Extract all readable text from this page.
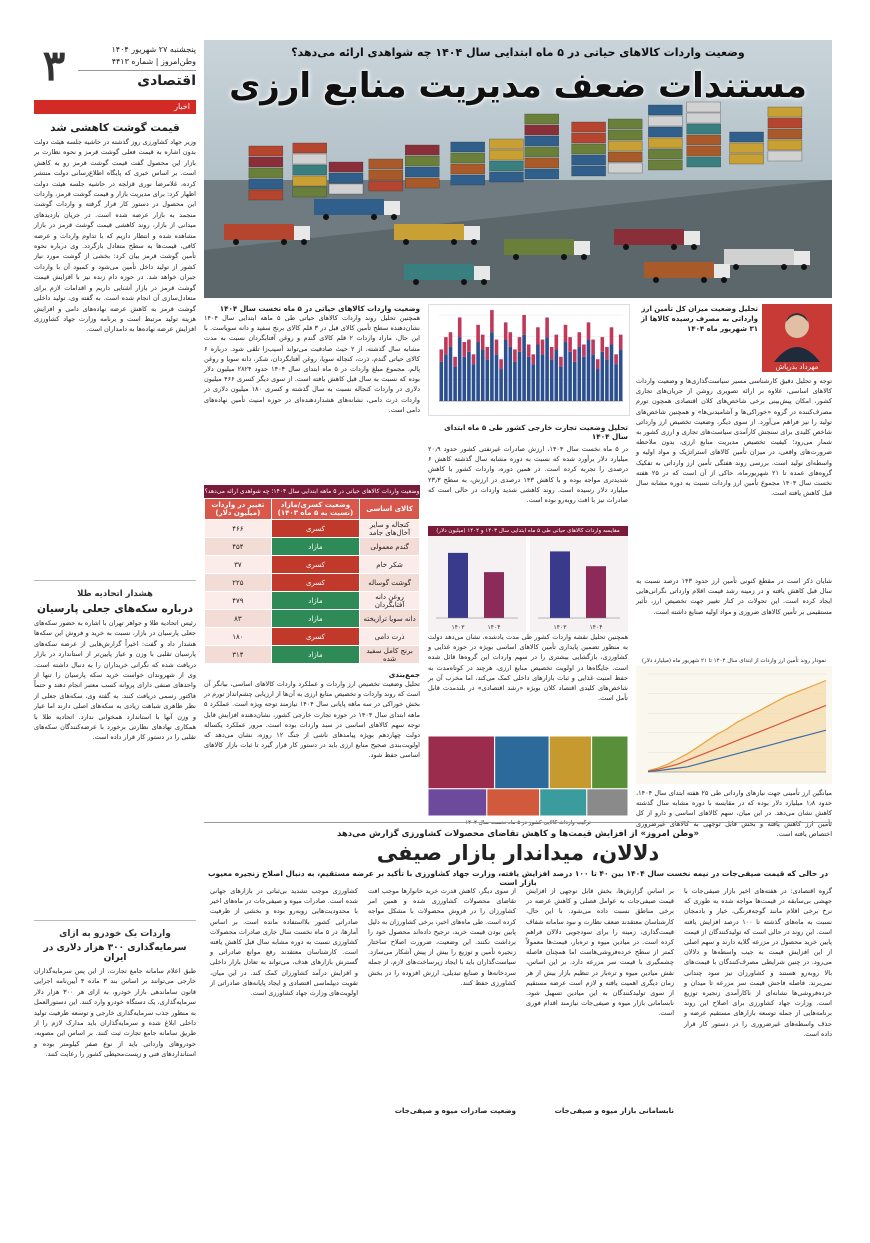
۳	پنجشنبه ۲۷ شهریور ۱۴۰۴
وطن‌امروز | شماره ۴۴۱۳
اقتصادی
اخبار
قیمت گوشت کاهشی شد

وزیر جهاد کشاورزی روز گذشته در حاشیه جلسه هیئت دولت بدون اشاره به قیمت فعلی گوشت قرمز و نحوه نظارت بر بازار این محصول گفت قیمت گوشت قرمز رو به کاهش است. بر اساس خبری که پایگاه اطلاع‌رسانی دولت منتشر کرده، غلامرضا نوری قزلجه در حاشیه جلسه هیئت دولت اظهار کرد: برای مدیریت بازار و قیمت گوشت قرمز، واردات این محصول در دستور کار قرار گرفته و واردات گوشت منجمد به بازار عرضه شده است. در جریان بازدیدهای میدانی از بازار، روند کاهشی قیمت گوشت قرمز در بازار مشاهده شده و انتظار داریم که با تداوم واردات و عرضه کافی، قیمت‌ها به سطح متعادل بازگردد. وی درباره نحوه تأمین گوشت قرمز بیان کرد: بخشی از گوشت مورد نیاز کشور از تولید داخل تأمین می‌شود و کمبود آن با واردات جبران خواهد شد. در حوزه دام زنده نیز با افزایش قیمت گوشت قرمز در بازار آشنایی داریم و اقدامات لازم برای متعادل‌سازی آن انجام شده است. به گفته وی، تولید داخلی گوشت قرمز به کاهش عرضه نهاده‌های دامی و افزایش هزینه تولید مرتبط است و برنامه وزارت جهاد کشاورزی افزایش عرضه نهاده‌ها به دامداران است.

هشدار اتحادیه طلا
درباره سکه‌های جعلی پارسیان

رئیس اتحادیه طلا و جواهر تهران با اشاره به حضور سکه‌های جعلی پارسیان در بازار، نسبت به خرید و فروش این سکه‌ها هشدار داد و گفت: اخیراً گزارش‌هایی از عرضه سکه‌های پارسیان تقلبی با وزن و عیار پایین‌تر از استاندارد در بازار دریافت شده که نگرانی خریداران را به دنبال داشته است. وی از شهروندان خواست خرید سکه پارسیان را تنها از واحدهای صنفی دارای پروانه کسب معتبر انجام دهند و حتماً فاکتور رسمی دریافت کنند. به گفته وی، سکه‌های جعلی از نظر ظاهری شباهت زیادی به سکه‌های اصلی دارند اما عیار و وزن آنها با استاندارد همخوانی ندارد. اتحادیه طلا با همکاری نهادهای نظارتی برخورد با عرضه‌کنندگان سکه‌های تقلبی را در دستور کار قرار داده است.

واردات یک خودرو به ازای
سرمایه‌گذاری ۳۰۰ هزار دلاری در ایران

طبق اعلام سامانه جامع تجارت، از این پس سرمایه‌گذاران خارجی می‌توانند بر اساس بند ۳ ماده ۴ آیین‌نامه اجرایی قانون ساماندهی بازار خودرو، به ازای هر ۳۰۰ هزار دلار سرمایه‌گذاری، یک دستگاه خودرو وارد کنند. این دستورالعمل به منظور جذب سرمایه‌گذاری خارجی و توسعه ظرفیت تولید داخلی ابلاغ شده و سرمایه‌گذاران باید مدارک لازم را از طریق سامانه جامع تجارت ثبت کنند. بر اساس این مصوبه، خودروهای وارداتی باید از نوع صفر کیلومتر بوده و استانداردهای فنی و زیست‌محیطی کشور را رعایت کنند.

وضعیت واردات کالاهای حیاتی در ۵ ماه ابتدایی سال ۱۴۰۴ چه شواهدی ارائه می‌دهد؟
مستندات ضعف مدیریت منابع ارزی
مهرداد بذرپاش
تحلیل وضعیت میزان کل تأمین ارز وارداتی به مصرف رسیده کالاها از ۳۱ شهریور ماه ۱۴۰۴

توجه و تحلیل دقیق کارشناسی مسیر سیاست‌گذاری‌ها و وضعیت واردات کالاهای اساسی، علاوه بر ارائه تصویری روشن از جریان‌های تجاری کشور، امکان پیش‌بینی برخی شاخص‌های کلان اقتصادی همچون تورم مصرف‌کننده در گروه «خوراکی‌ها و آشامیدنی‌ها» و همچنین شاخص‌های تولید را نیز فراهم می‌آورد. از سوی دیگر، وضعیت تخصیص ارز وارداتی شاخص کلیدی برای سنجش کارآمدی سیاست‌های تجاری و ارزی کشور به شمار می‌رود؛ کیفیت تخصیص مدیریت منابع ارزی، بدون ملاحظه ضرورت‌های واقعی، در میزان تأمین کالاهای استراتژیک و مواد اولیه و واسطه‌ای تولید است. بررسی روند هفتگی تأمین ارز وارداتی به تفکیک گروه‌های عمده تا ۲۱ شهریورماه، حاکی از آن است که در ۲۵ هفته نخست سال ۱۴۰۴ مجموع تأمین ارز واردات نسبت به دوره مشابه سال قبل کاهش یافته است.

شایان ذکر است در مقطع کنونی تأمین ارز حدود ۱۴۳ درصد نسبت به سال قبل کاهش یافته و در زمینه رشد قیمت اقلام وارداتی نگرانی‌هایی ایجاد کرده است. این تحولات در کنار تغییر جهت تخصیص ارز، تأثیر مستقیمی بر تأمین کالاهای ضروری و مواد اولیه صنایع داشته است.

نمودار روند تأمین ارز واردات از ابتدای سال ۱۴۰۴ تا ۲۱ شهریور ماه (میلیارد دلار)

میانگین ارز تأمینی جهت نیازهای وارداتی طی ۲۵ هفته ابتدای سال ۱۴۰۴، حدود ۱٫۸ میلیارد دلار بوده که در مقایسه با دوره مشابه سال گذشته کاهش نشان می‌دهد. در این میان، سهم کالاهای اساسی و دارو از کل تأمین ارز کاهش یافته و بخش قابل توجهی به کالاهای غیرضروری اختصاص یافته است.

تحلیل وضعیت تجارت خارجی کشور طی ۵ ماه ابتدای سال ۱۴۰۴

در ۵ ماه نخست سال ۱۴۰۴، ارزش صادرات غیرنفتی کشور حدود ۲۰٫۹ میلیارد دلار برآورد شده که نسبت به دوره مشابه سال گذشته کاهش ۶ درصدی را تجربه کرده است. در همین دوره، واردات کشور با کاهش شدیدتری مواجه بوده و با کاهش ۱۴۳ درصدی در ارزش، به سطح ۲۳٫۳ میلیارد دلار رسیده است. روند کاهشی شدید واردات در حالی است که صادرات نیز با افت روبه‌رو بوده است.

مقایسه واردات کالاهای حیاتی طی ۵ ماه ابتدایی سال ۱۴۰۳ و ۱۴۰۴ (میلیون دلار)
۱۴۰۳	۱۴۰۴	۱۴۰۳	۱۴۰۴

همچنین تحلیل نقشه واردات کشور طی مدت یادشده، نشان می‌دهد دولت به منظور تضمین پایداری تأمین کالاهای اساسی بویژه در حوزه غذایی و کشاورزی، بازگشایی بیشتری را در سهم واردات این گروه‌ها قائل شده است. جایگاه‌ها در اولویت تخصیص منابع ارزی، هرچند در کوتاه‌مدت به حفظ امنیت غذایی و ثبات بازارهای داخلی کمک می‌کند، اما مخرب آن بر شاخص‌های کلیدی اقتصاد کلان بویژه «رشد اقتصادی» در بلندمدت قابل تأمل است.

ترکیب واردات کالایی کشور در ۵ ماه نخست سال ۱۴۰۴
وضعیت واردات کالاهای حیاتی در ۵ ماه نخست سال ۱۴۰۴

همچنین تحلیل روند واردات کالاهای حیاتی طی ۵ ماهه ابتدایی سال ۱۴۰۴ نشان‌دهنده سطح تأمین کالای قبل در ۳ قلم کالای برنج سفید و دانه سویاست. با این حال، مازاد واردات ۲ قلم کالای گندم و روغن آفتابگردان نسبت به مدت مشابه سال گذشته، از ۲ حیث صادقیت می‌تواند آسیب‌زا تلقی شود. درباره ۶ کالای حیاتی گندم، ذرت، کنجاله سویا، روغن آفتابگردان، شکر، دانه سویا و روغن پالم، مجموع مبلغ واردات در ۵ ماه ابتدای سال ۱۴۰۴ حدود ۲۸۲۴ میلیون دلار بوده که نسبت به سال قبل کاهش یافته است. از سوی دیگر کسری ۴۶۶ میلیون دلاری در واردات کنجاله نسبت به سال گذشته و کسری ۱۸۰ میلیون دلاری در واردات ذرت دامی، نشانه‌های هشداردهنده‌ای در حوزه امنیت تأمین نهاده‌های دامی است.

وضعیت واردات کالاهای حیاتی در ۵ ماهه ابتدایی سال ۱۴۰۴؛ چه شواهدی ارائه می‌دهد؟
کالای اساسی	وضعیت کسری/مازاد (نسبت به ۵ ماه ۱۴۰۳)	تغییر در واردات (میلیون دلار)
کنجاله و سایر آخال‌های جامد	کسری	۴۶۶
گندم معمولی	مازاد	۴۵۴
شکر خام	کسری	۳۷
گوشت گوساله	کسری	۲۲۵
روغن دانه آفتابگردان	مازاد	۴۷۹
دانه سویا ترازیخته	مازاد	۸۳
ذرت دامی	کسری	۱۸۰
برنج کامل سفید شده	مازاد	۳۱۴
جمع‌بندی

تحلیل وضعیت تخصیص ارز واردات و عملکرد واردات کالاهای اساسی، بیانگر آن است که روند واردات و تخصیص منابع ارزی به آن‌ها از ارزیابی چشم‌انداز تورم در بخش خوراکی در سه ماهه پایانی سال ۱۴۰۴ نیازمند توجه ویژه است. عملکرد ۵ ماهه ابتدای سال ۱۴۰۴ در حوزه تجارت خارجی کشور، نشان‌دهنده افزایش قابل توجه سهم کالاهای اساسی در سبد واردات بوده است. مرور عملکرد یکساله دولت چهاردهم بویژه پیامدهای ناشی از جنگ ۱۲ روزه، نشان می‌دهد که اولویت‌بندی صحیح منابع ارزی باید در دستور کار قرار گیرد تا ثبات بازار کالاهای اساسی حفظ شود.

«وطن امروز» از افزایش قیمت‌ها و کاهش تقاضای محصولات کشاورزی گزارش می‌دهد
دلالان، میداندار بازار صیفی
در حالی که قیمت صیفی‌جات در نیمه نخست سال ۱۴۰۴ بین ۴۰ تا ۱۰۰ درصد افزایش یافته، وزارت جهاد کشاورزی با تأکید بر عرضه مستقیم، به دنبال اصلاح زنجیره معیوب بازار است

گروه اقتصادی: در هفته‌های اخیر بازار صیفی‌جات با جهشی بی‌سابقه در قیمت‌ها مواجه شده به طوری که نرخ برخی اقلام مانند گوجه‌فرنگی، خیار و بادمجان نسبت به ماه‌های گذشته تا ۱۰۰ درصد افزایش یافته است. این روند در حالی است که تولیدکنندگان از قیمت پایین خرید محصول در مزرعه گلایه دارند و سهم اصلی از این افزایش قیمت به جیب واسطه‌ها و دلالان می‌رود. در چنین شرایطی مصرف‌کنندگان با قیمت‌های بالا روبه‌رو هستند و کشاورزان نیز سود چندانی نمی‌برند. فاصله فاحش قیمت سر مزرعه تا میدان و خرده‌فروشی‌ها نشانه‌ای از ناکارآمدی زنجیره توزیع است. وزارت جهاد کشاورزی برای اصلاح این روند برنامه‌هایی از جمله توسعه بازارهای مستقیم عرضه و حذف واسطه‌های غیرضروری را در دستور کار قرار داده است.

بر اساس گزارش‌ها، بخش قابل توجهی از افزایش قیمت صیفی‌جات به عوامل فصلی و کاهش عرضه در برخی مناطق نسبت داده می‌شود. با این حال، کارشناسان معتقدند ضعف نظارت و نبود سامانه شفاف قیمت‌گذاری، زمینه را برای سودجویی دلالان فراهم کرده است. در میادین میوه و تره‌بار، قیمت‌ها معمولاً کمتر از سطح خرده‌فروشی‌هاست اما همچنان فاصله چشمگیری با قیمت سر مزرعه دارد. بر این اساس، نقش میادین میوه و تره‌بار در تنظیم بازار بیش از هر زمان دیگری اهمیت یافته و لازم است عرضه مستقیم از سوی تولیدکنندگان به این میادین تسهیل شود. نابسامانی بازار میوه و صیفی‌جات نیازمند اقدام فوری است.

نابسامانی بازار میوه و صیفی‌جات

از سوی دیگر، کاهش قدرت خرید خانوارها موجب افت تقاضای محصولات کشاورزی شده و همین امر کشاورزان را در فروش محصولات با مشکل مواجه کرده است. طی ماه‌های اخیر، برخی کشاورزان به دلیل پایین بودن قیمت خرید، ترجیح داده‌اند محصول خود را برداشت نکنند. این وضعیت، ضرورت اصلاح ساختار زنجیره تأمین و توزیع را بیش از پیش آشکار می‌سازد. سیاست‌گذاران باید با ایجاد زیرساخت‌های لازم، از جمله سردخانه‌ها و صنایع تبدیلی، ارزش افزوده را در بخش کشاورزی حفظ کنند.

وضعیت صادرات میوه و صیفی‌جات

کشاورزی موجب تشدید بی‌ثباتی در بازارهای جهانی شده است. صادرات میوه و صیفی‌جات در ماه‌های اخیر با محدودیت‌هایی روبه‌رو بوده و بخشی از ظرفیت صادراتی کشور بلااستفاده مانده است. بر اساس آمارها، در ۵ ماه نخست سال جاری صادرات محصولات کشاورزی نسبت به دوره مشابه سال قبل کاهش یافته است. کارشناسان معتقدند رفع موانع صادراتی و گسترش بازارهای هدف، می‌تواند به تعادل بازار داخلی و افزایش درآمد کشاورزان کمک کند. در این میان، تقویت دیپلماسی اقتصادی و ایجاد پایانه‌های صادراتی از اولویت‌های وزارت جهاد کشاورزی است.
